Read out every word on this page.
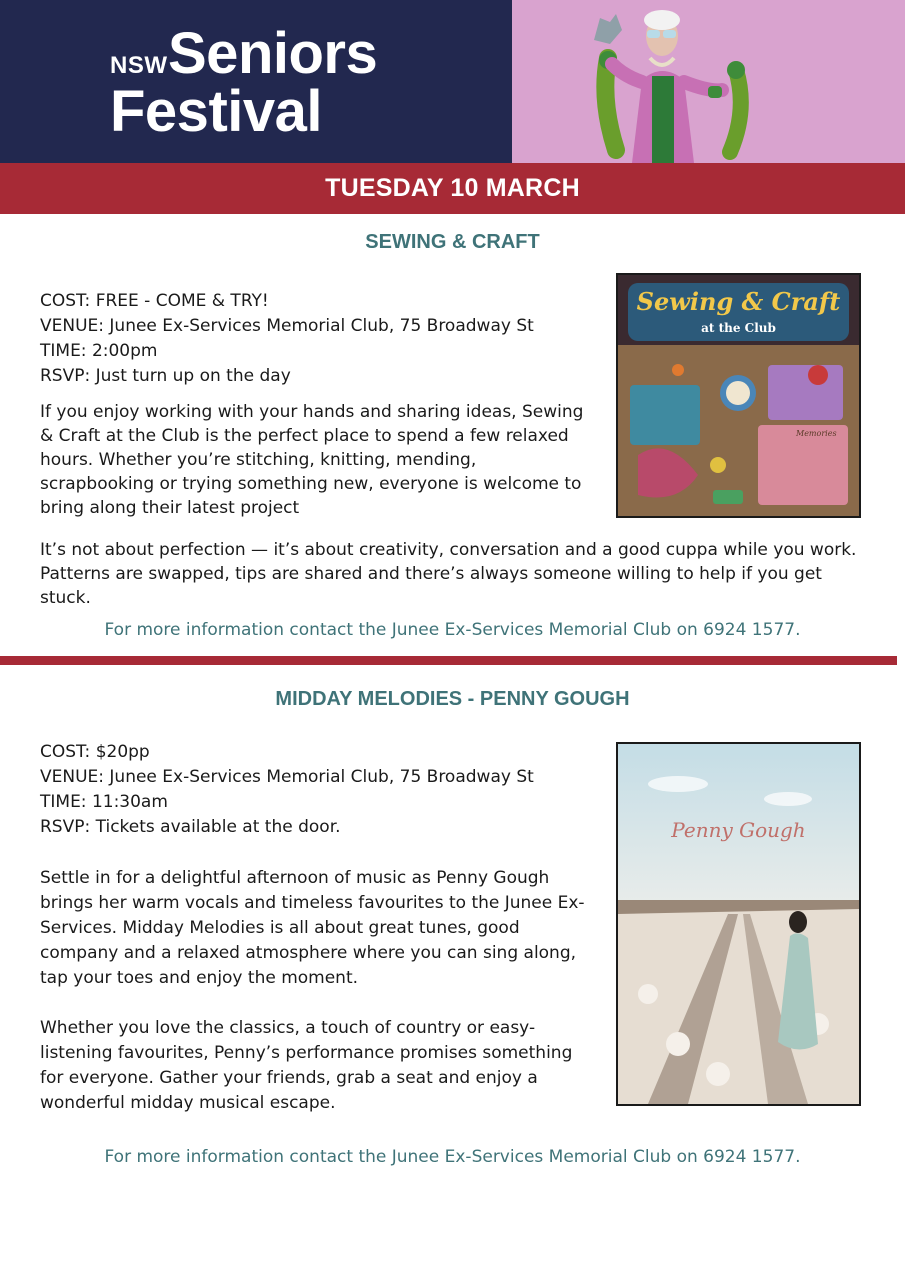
NSW Seniors
Festival
TUESDAY 10 MARCH
SEWING & CRAFT
COST: FREE - COME & TRY!
VENUE: Junee Ex-Services Memorial Club, 75 Broadway St
TIME: 2:00pm
RSVP: Just turn up on the day
If you enjoy working with your hands and sharing ideas, Sewing & Craft at the Club is the perfect place to spend a few relaxed hours. Whether you’re stitching, knitting, mending, scrapbooking or trying something new, everyone is welcome to bring along their latest project
Sewing & Craft
at the Club
Memories
It’s not about perfection — it’s about creativity, conversation and a good cuppa while you work. Patterns are swapped, tips are shared and there’s always someone willing to help if you get stuck.
For more information contact the Junee Ex-Services Memorial Club on 6924 1577.
MIDDAY MELODIES - PENNY GOUGH
COST: $20pp
VENUE: Junee Ex-Services Memorial Club, 75 Broadway St
TIME: 11:30am
RSVP: Tickets available at the door.
Settle in for a delightful afternoon of music as Penny Gough brings her warm vocals and timeless favourites to the Junee Ex-Services. Midday Melodies is all about great tunes, good company and a relaxed atmosphere where you can sing along, tap your toes and enjoy the moment.
Whether you love the classics, a touch of country or easy-listening favourites, Penny’s performance promises something for everyone. Gather your friends, grab a seat and enjoy a wonderful midday musical escape.
Penny Gough
For more information contact the Junee Ex-Services Memorial Club on 6924 1577.
